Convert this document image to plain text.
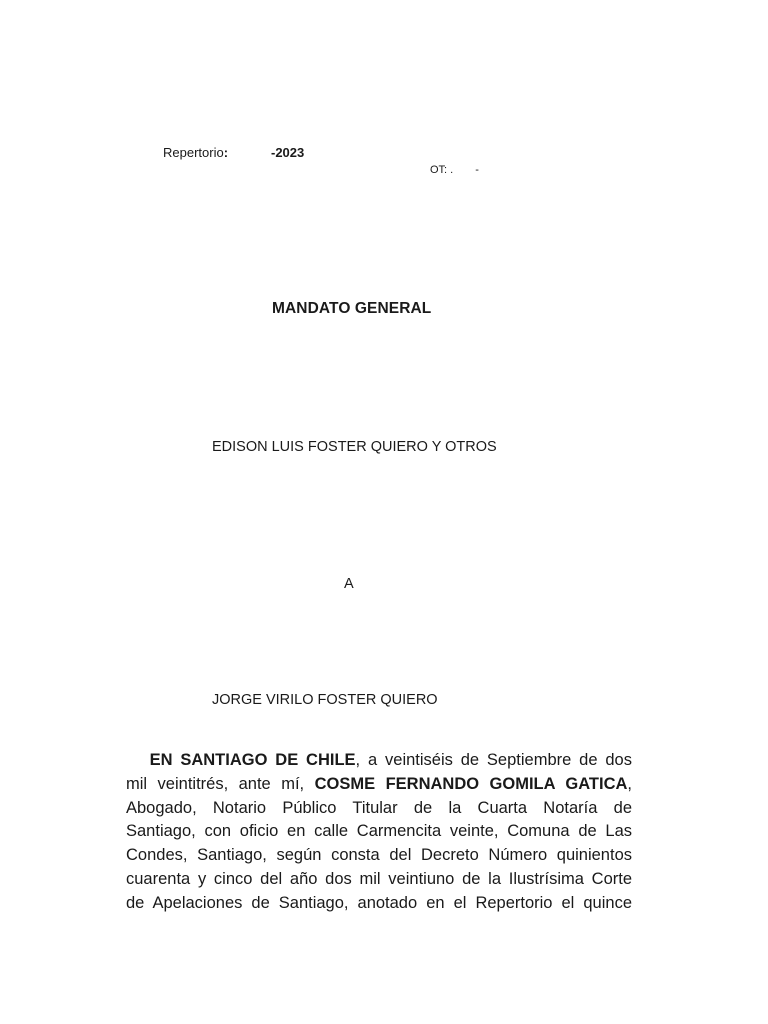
Repertorio:	-2023
OT: . -
MANDATO GENERAL
EDISON LUIS FOSTER QUIERO Y OTROS
A
JORGE VIRILO FOSTER QUIERO
EN SANTIAGO DE CHILE, a veintiséis de Septiembre de dos
mil veintitrés, ante mí, COSME FERNANDO GOMILA GATICA,
Abogado, Notario Público Titular de la Cuarta Notaría de
Santiago, con oficio en calle Carmencita veinte, Comuna de Las
Condes, Santiago, según consta del Decreto Número quinientos
cuarenta y cinco del año dos mil veintiuno de la Ilustrísima Corte
de Apelaciones de Santiago, anotado en el Repertorio el quince
